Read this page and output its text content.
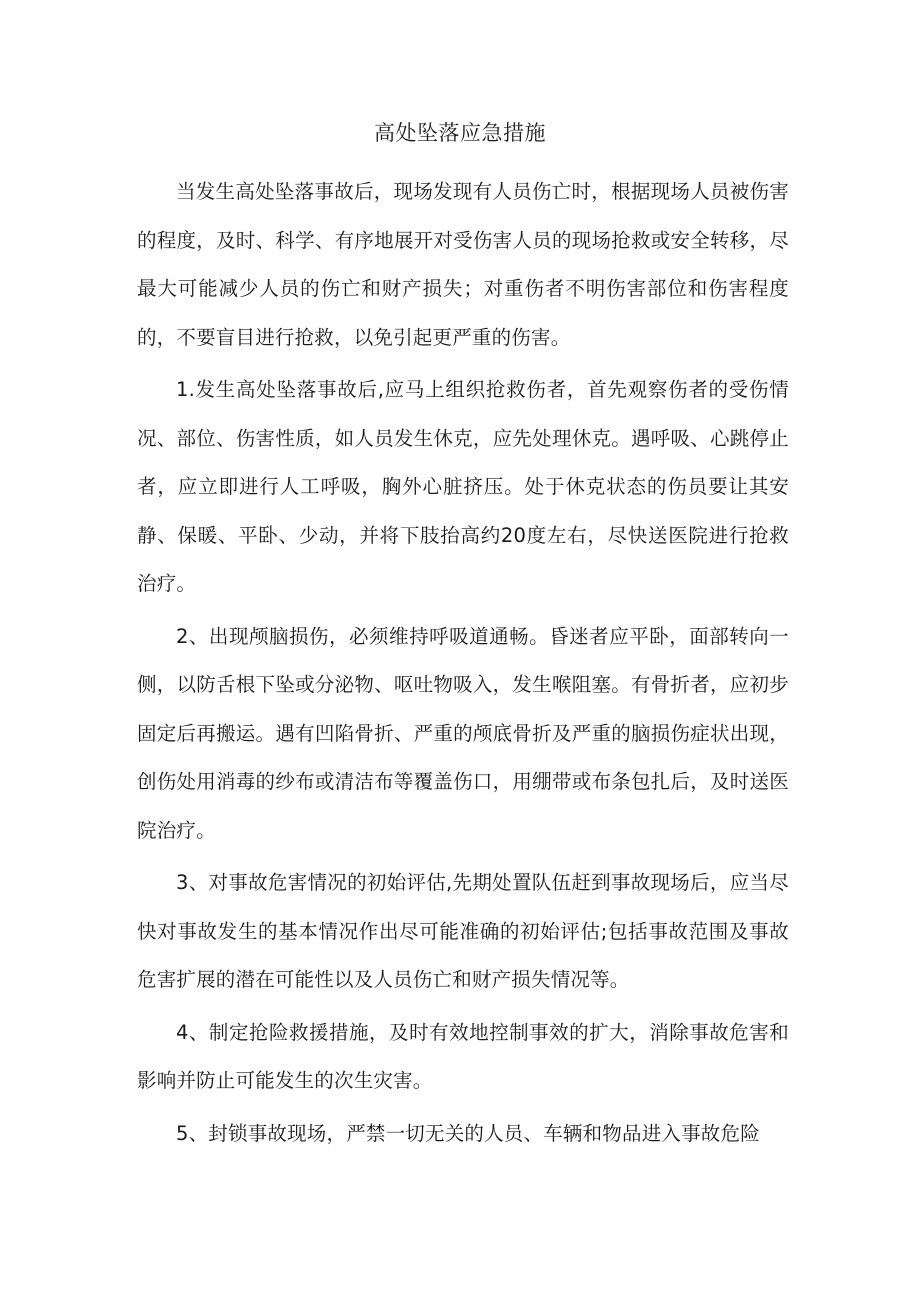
高处坠落应急措施

当发生高处坠落事故后，现场发现有人员伤亡时，根据现场人员被伤害的程度，及时、科学、有序地展开对受伤害人员的现场抢救或安全转移，尽最大可能减少人员的伤亡和财产损失；对重伤者不明伤害部位和伤害程度的，不要盲目进行抢救，以免引起更严重的伤害。

1.发生高处坠落事故后,应马上组织抢救伤者，首先观察伤者的受伤情况、部位、伤害性质，如人员发生休克，应先处理休克。遇呼吸、心跳停止者，应立即进行人工呼吸，胸外心脏挤压。处于休克状态的伤员要让其安静、保暖、平卧、少动，并将下肢抬高约20度左右，尽快送医院进行抢救治疗。

2、出现颅脑损伤，必须维持呼吸道通畅。昏迷者应平卧，面部转向一侧，以防舌根下坠或分泌物、呕吐物吸入，发生喉阻塞。有骨折者，应初步固定后再搬运。遇有凹陷骨折、严重的颅底骨折及严重的脑损伤症状出现，创伤处用消毒的纱布或清洁布等覆盖伤口，用绷带或布条包扎后，及时送医院治疗。

3、对事故危害情况的初始评估,先期处置队伍赶到事故现场后，应当尽快对事故发生的基本情况作出尽可能准确的初始评估;包括事故范围及事故危害扩展的潜在可能性以及人员伤亡和财产损失情况等。

4、制定抢险救援措施，及时有效地控制事效的扩大，消除事故危害和影响并防止可能发生的次生灾害。

5、封锁事故现场，严禁一切无关的人员、车辆和物品进入事故危险
